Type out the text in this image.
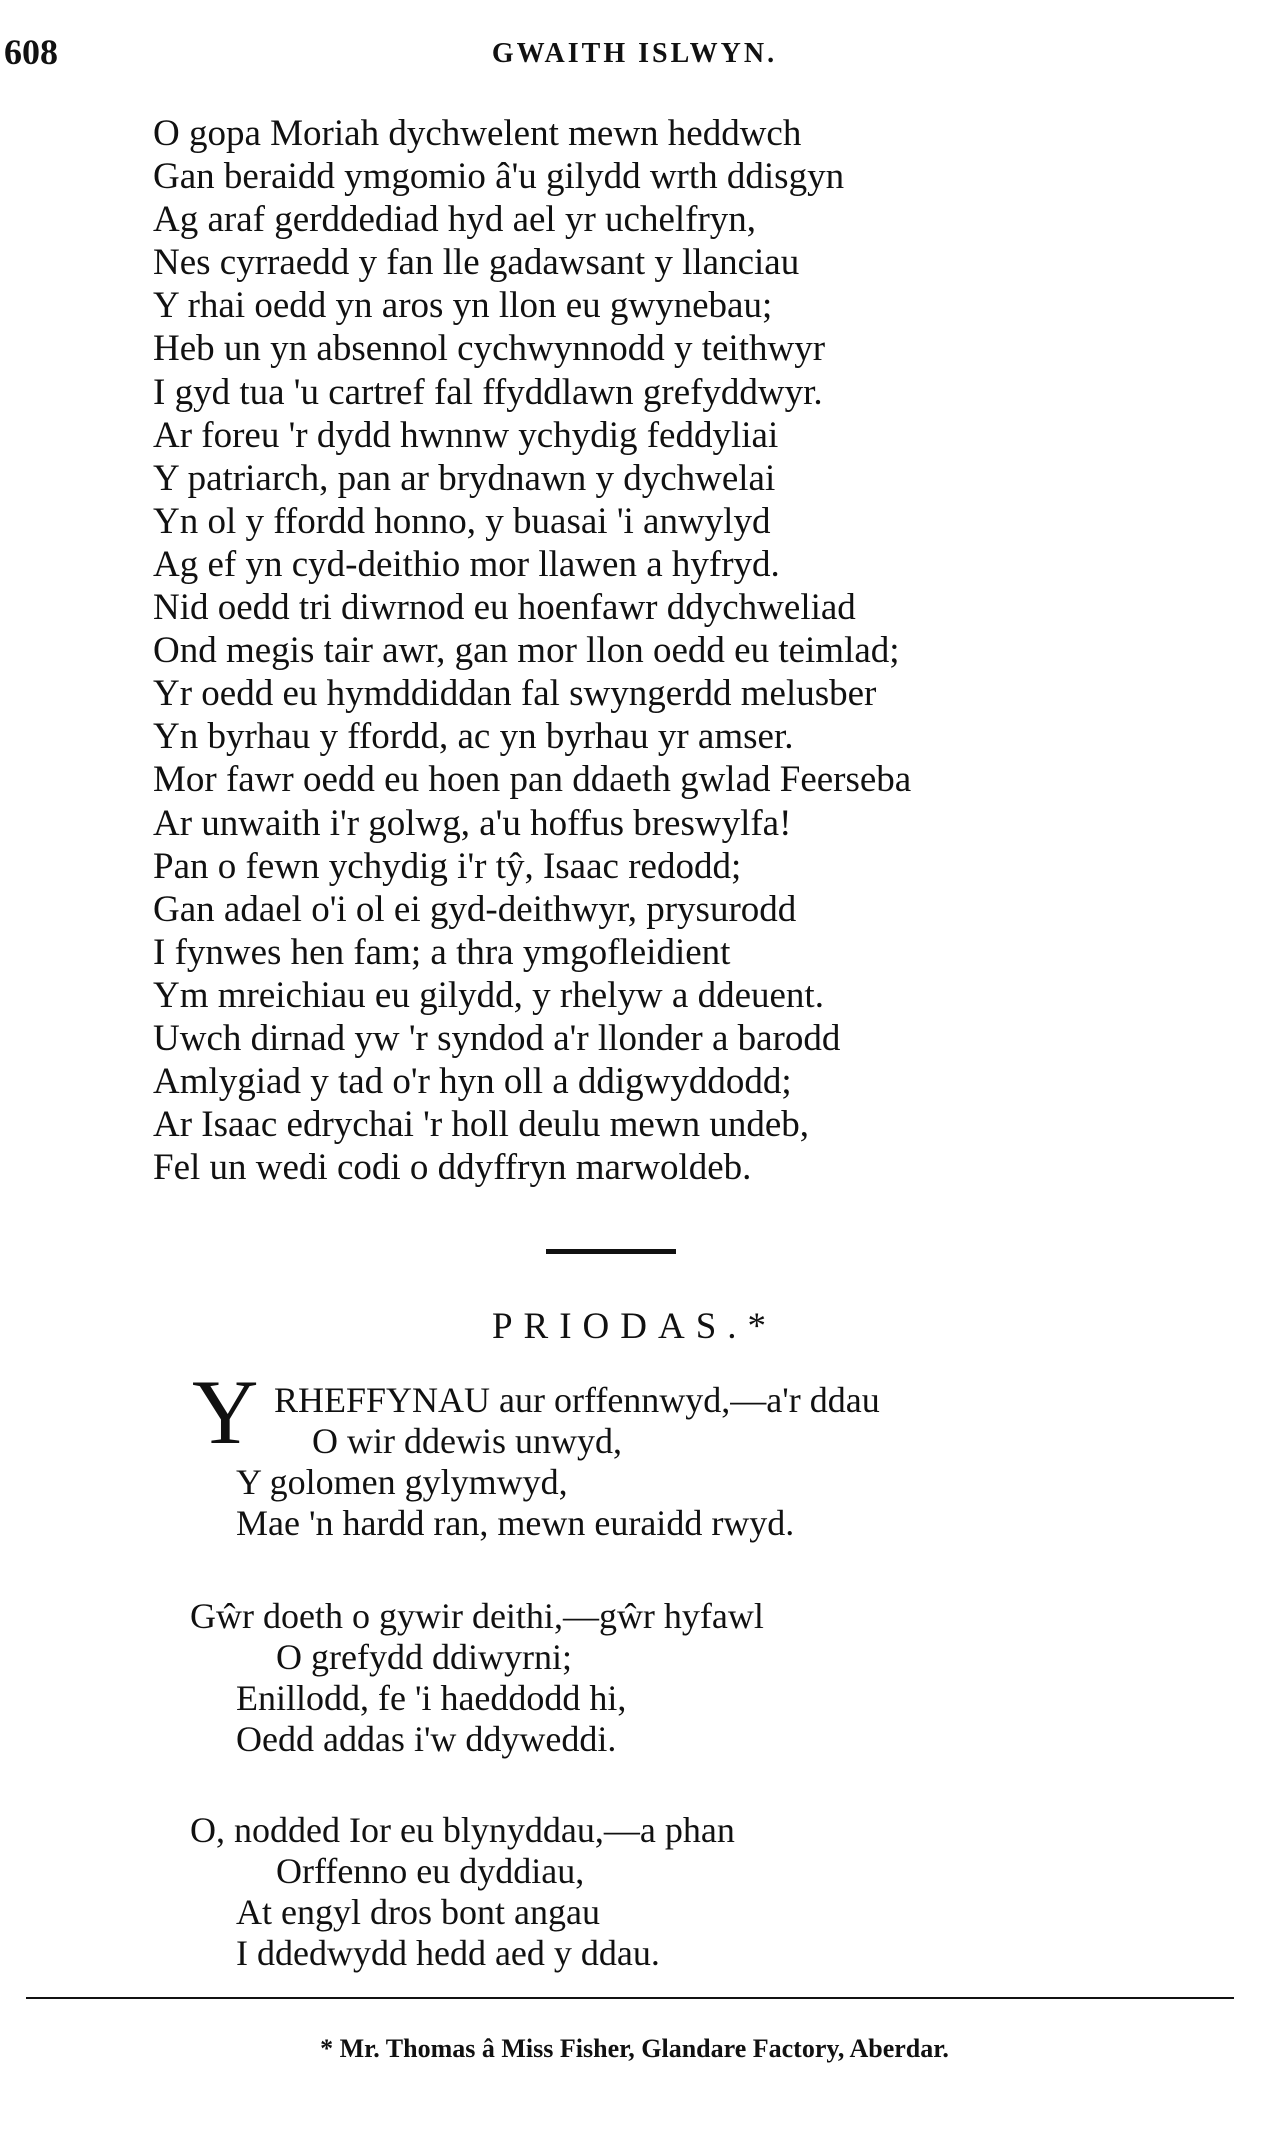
608	GWAITH ISLWYN.
O gopa Moriah dychwelent mewn heddwch
Gan beraidd ymgomio â'u gilydd wrth ddisgyn
Ag araf gerddediad hyd ael yr uchelfryn,
Nes cyrraedd y fan lle gadawsant y llanciau
Y rhai oedd yn aros yn llon eu gwynebau;
Heb un yn absennol cychwynnodd y teithwyr
I gyd tua 'u cartref fal ffyddlawn grefyddwyr.
Ar foreu 'r dydd hwnnw ychydig feddyliai
Y patriarch, pan ar brydnawn y dychwelai
Yn ol y ffordd honno, y buasai 'i anwylyd
Ag ef yn cyd-deithio mor llawen a hyfryd.
Nid oedd tri diwrnod eu hoenfawr ddychweliad
Ond megis tair awr, gan mor llon oedd eu teimlad;
Yr oedd eu hymddiddan fal swyngerdd melusber
Yn byrhau y ffordd, ac yn byrhau yr amser.
Mor fawr oedd eu hoen pan ddaeth gwlad Feerseba
Ar unwaith i'r golwg, a'u hoffus breswylfa!
Pan o fewn ychydig i'r tŷ, Isaac redodd;
Gan adael o'i ol ei gyd-deithwyr, prysurodd
I fynwes hen fam; a thra ymgofleidient
Ym mreichiau eu gilydd, y rhelyw a ddeuent.
Uwch dirnad yw 'r syndod a'r llonder a barodd
Amlygiad y tad o'r hyn oll a ddigwyddodd;
Ar Isaac edrychai 'r holl deulu mewn undeb,
Fel un wedi codi o ddyffryn marwoldeb.
PRIODAS.*
Y RHEFFYNAU aur orffennwyd,—a'r ddau
O wir ddewis unwyd,
Y golomen gylymwyd,
Mae 'n hardd ran, mewn euraidd rwyd.
Gŵr doeth o gywir deithi,—gŵr hyfawl
O grefydd ddiwyrni;
Enillodd, fe 'i haeddodd hi,
Oedd addas i'w ddyweddi.
O, nodded Ior eu blynyddau,—a phan
Orffenno eu dyddiau,
At engyl dros bont angau
I ddedwydd hedd aed y ddau.
* Mr. Thomas â Miss Fisher, Glandare Factory, Aberdar.
